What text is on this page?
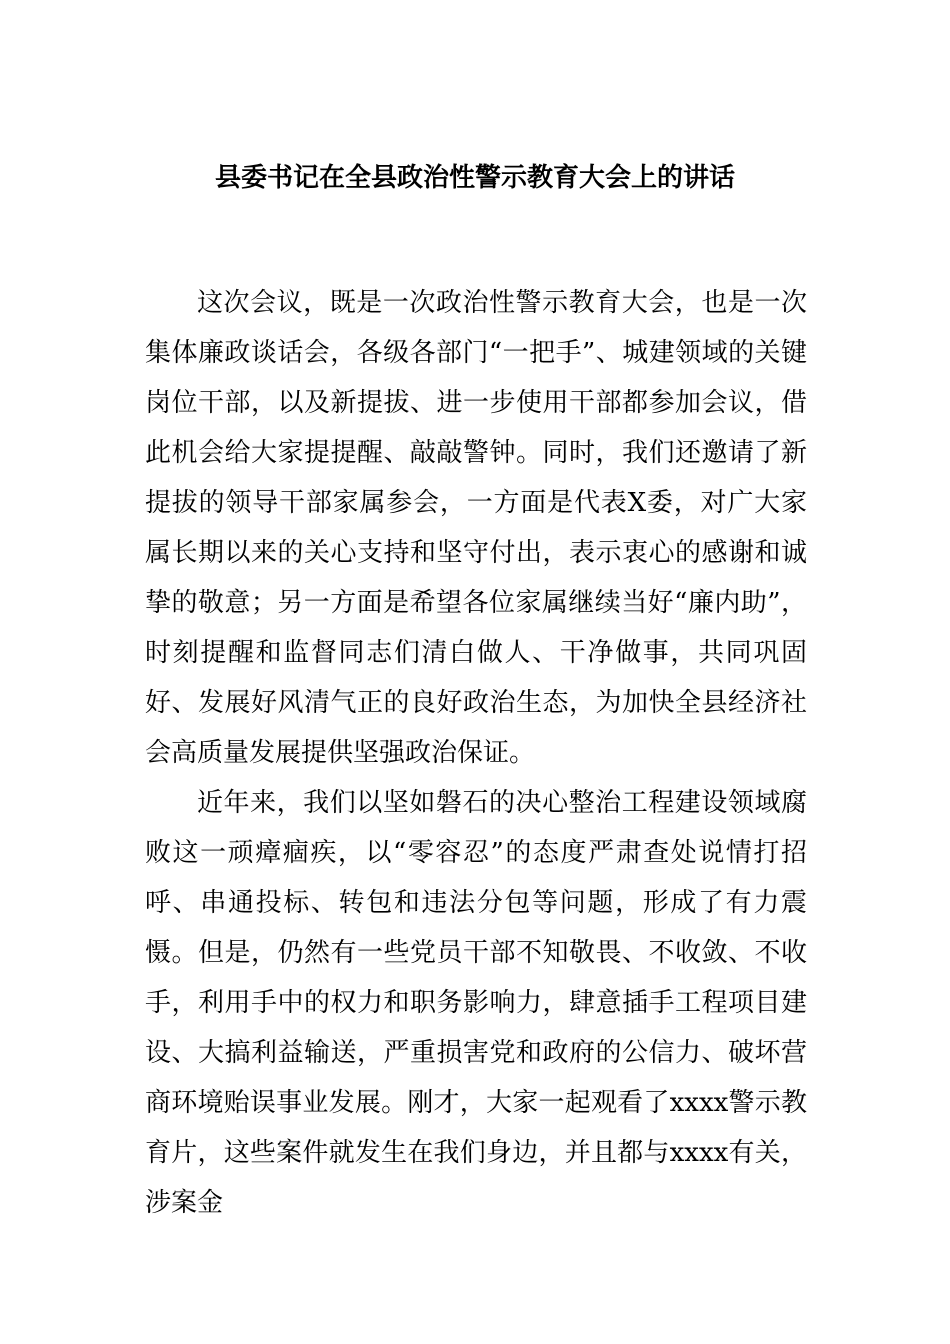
县委书记在全县政治性警示教育大会上的讲话

这次会议，既是一次政治性警示教育大会，也是一次集体廉政谈话会，各级各部门“一把手”、城建领域的关键岗位干部，以及新提拔、进一步使用干部都参加会议，借此机会给大家提提醒、敲敲警钟。同时，我们还邀请了新提拔的领导干部家属参会，一方面是代表X委，对广大家属长期以来的关心支持和坚守付出，表示衷心的感谢和诚挚的敬意；另一方面是希望各位家属继续当好“廉内助”，时刻提醒和监督同志们清白做人、干净做事，共同巩固好、发展好风清气正的良好政治生态，为加快全县经济社会高质量发展提供坚强政治保证。

近年来，我们以坚如磐石的决心整治工程建设领域腐败这一顽瘴痼疾，以“零容忍”的态度严肃查处说情打招呼、串通投标、转包和违法分包等问题，形成了有力震慑。但是，仍然有一些党员干部不知敬畏、不收敛、不收手，利用手中的权力和职务影响力，肆意插手工程项目建设、大搞利益输送，严重损害党和政府的公信力、破坏营商环境贻误事业发展。刚才，大家一起观看了xxxx警示教育片，这些案件就发生在我们身边，并且都与xxxx有关，涉案金
